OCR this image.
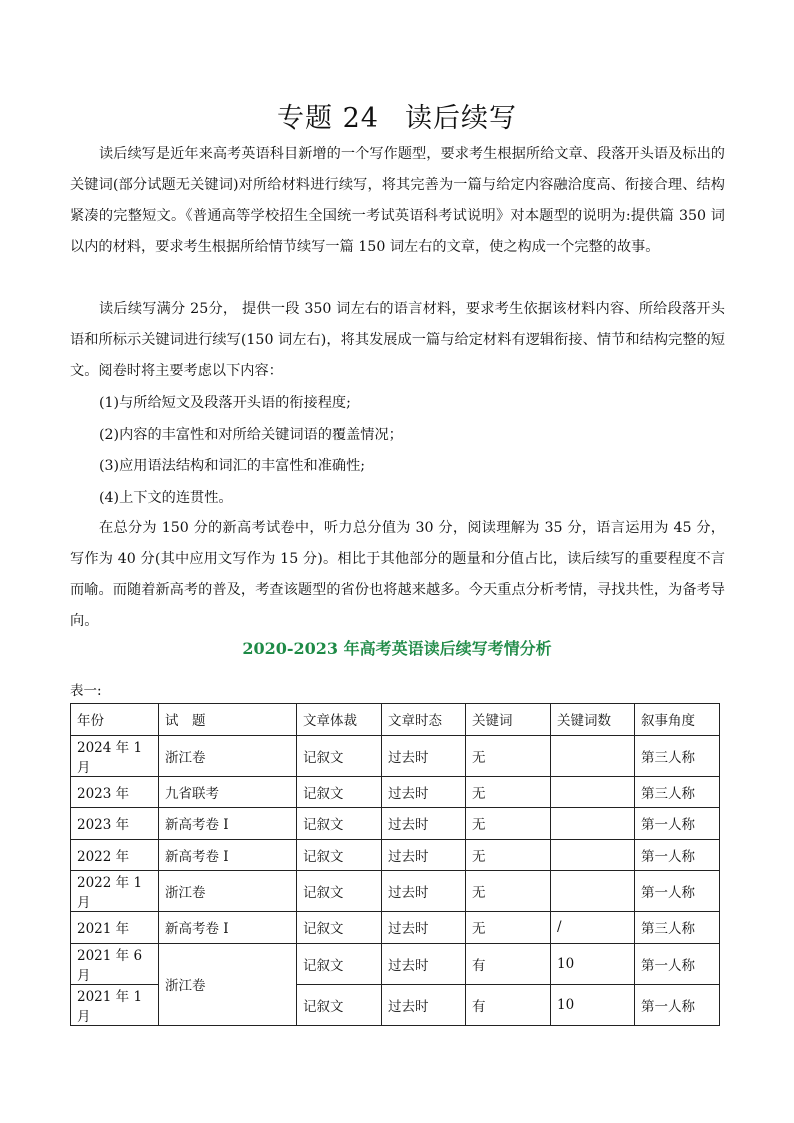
专题 24 读后续写

读后续写是近年来高考英语科目新增的一个写作题型，要求考生根据所给文章、段落开头语及标出的关键词(部分试题无关键词)对所给材料进行续写，将其完善为一篇与给定内容融洽度高、衔接合理、结构紧凑的完整短文。《普通高等学校招生全国统一考试英语科考试说明》对本题型的说明为:提供篇 350 词以内的材料，要求考生根据所给情节续写一篇 150 词左右的文章，使之构成一个完整的故事。

读后续写满分 25分， 提供一段 350 词左右的语言材料，要求考生依据该材料内容、所给段落开头语和所标示关键词进行续写(150 词左右)，将其发展成一篇与给定材料有逻辑衔接、情节和结构完整的短文。阅卷时将主要考虑以下内容：

(1)与所给短文及段落开头语的衔接程度;
(2)内容的丰富性和对所给关键词语的覆盖情况；
(3)应用语法结构和词汇的丰富性和准确性;
(4)上下文的连贯性。

在总分为 150 分的新高考试卷中，听力总分值为 30 分，阅读理解为 35 分，语言运用为 45 分，写作为 40 分(其中应用文写作为 15 分)。相比于其他部分的题量和分值占比，读后续写的重要程度不言而喻。而随着新高考的普及，考查该题型的省份也将越来越多。今天重点分析考情，寻找共性，为备考导向。

2020-2023 年高考英语读后续写考情分析
表一:
年份	试　题	文章体裁	文章时态	关键词	关键词数	叙事角度
2024 年 1 月	浙江卷	记叙文	过去时	无		第三人称
2023 年	九省联考	记叙文	过去时	无		第三人称
2023 年	新高考卷 I	记叙文	过去时	无		第一人称
2022 年	新高考卷 I	记叙文	过去时	无		第一人称
2022 年 1 月	浙江卷	记叙文	过去时	无		第一人称
2021 年	新高考卷 I	记叙文	过去时	无	/	第三人称
2021 年 6 月	浙江卷	记叙文	过去时	有	10	第一人称
2021 年 1 月		记叙文	过去时	有	10	第一人称
